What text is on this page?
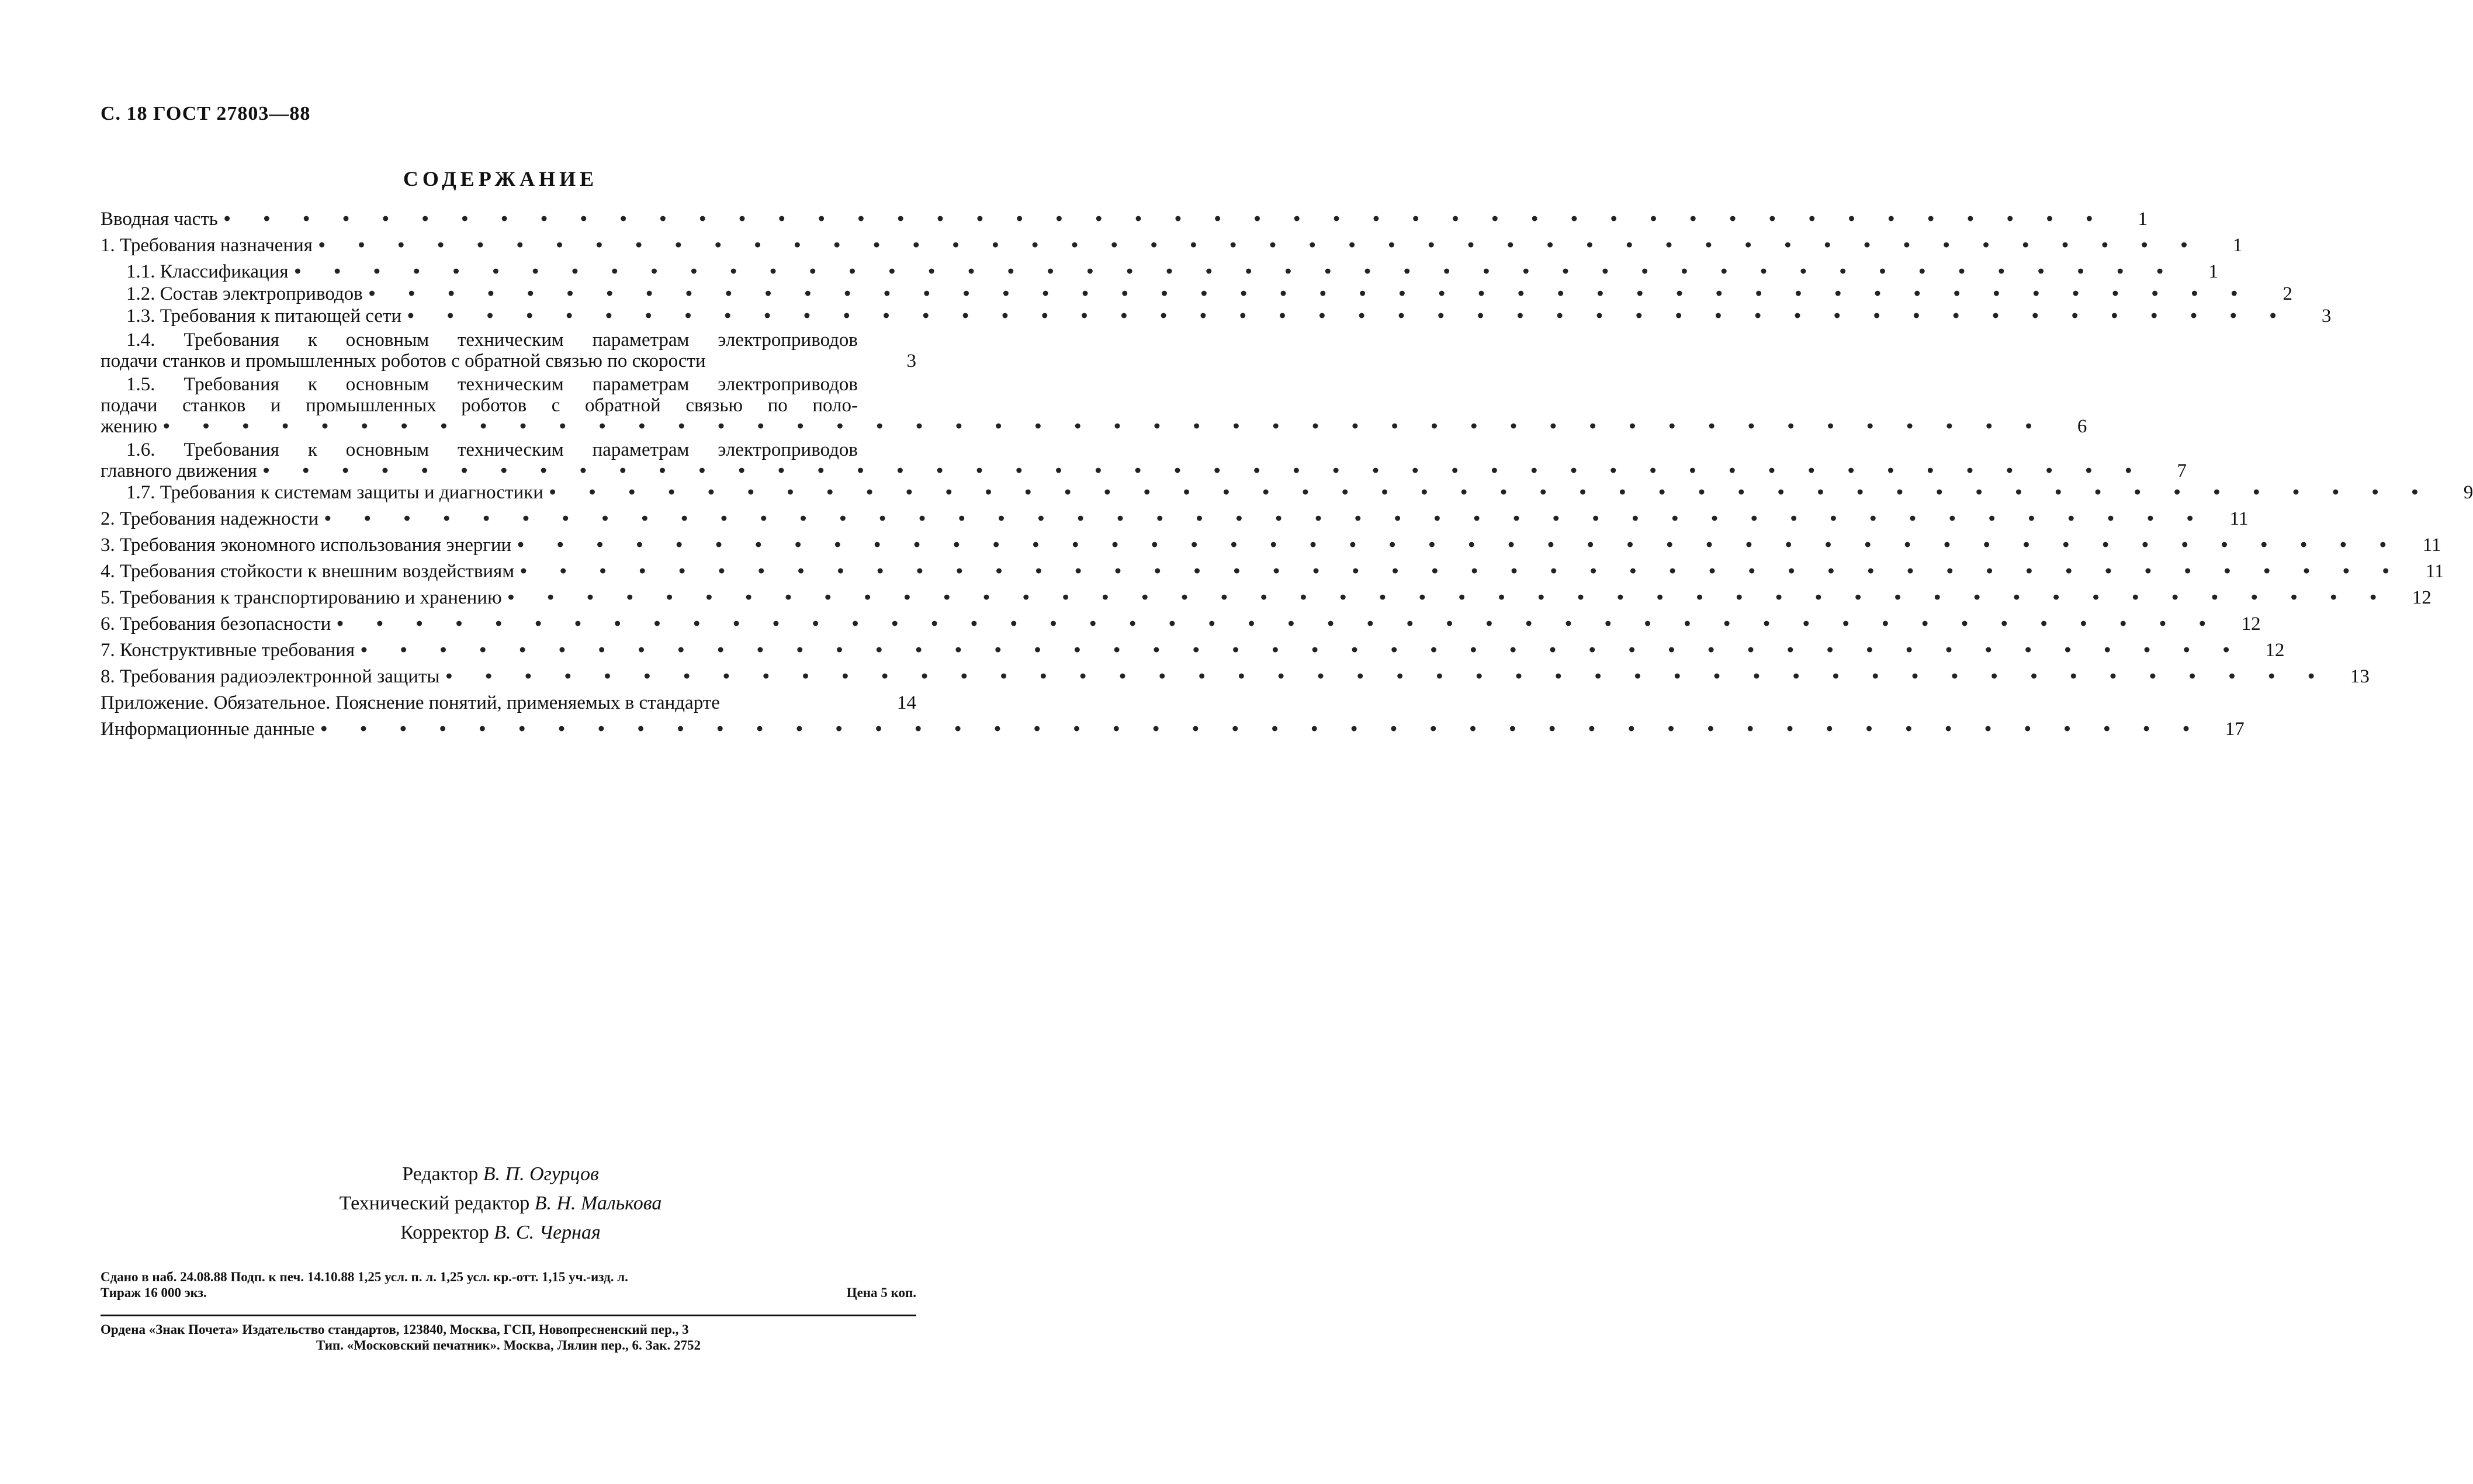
С. 18 ГОСТ 27803—88
СОДЕРЖАНИЕ
Вводная часть • • • • • • • • • • • • • • • • • • • • • • • • • • • • • • • • • • • • • • • • • • • • • • • •	1
1. Требования назначения • • • • • • • • • • • • • • • • • • • • • • • • • • • • • • • • • • • • • • • • • • • • • • • •	1
1.1. Классификация • • • • • • • • • • • • • • • • • • • • • • • • • • • • • • • • • • • • • • • • • • • • • • • •	1
1.2. Состав электроприводов • • • • • • • • • • • • • • • • • • • • • • • • • • • • • • • • • • • • • • • • • • • • • • • •	2
1.3. Требования к питающей сети • • • • • • • • • • • • • • • • • • • • • • • • • • • • • • • • • • • • • • • • • • • • • • • •	3
1.4. Требования к основным техническим параметрам электроприводов
подачи станков и промышленных роботов с обратной связью по скорости	3
1.5. Требования к основным техническим параметрам электроприводов
подачи станков и промышленных роботов с обратной связью по поло-
жению • • • • • • • • • • • • • • • • • • • • • • • • • • • • • • • • • • • • • • • • • • • • • • • •	6
1.6. Требования к основным техническим параметрам электроприводов
главного движения • • • • • • • • • • • • • • • • • • • • • • • • • • • • • • • • • • • • • • • • • • • • • • • •	7
1.7. Требования к системам защиты и диагностики • • • • • • • • • • • • • • • • • • • • • • • • • • • • • • • • • • • • • • • • • • • • • • • •	9
2. Требования надежности • • • • • • • • • • • • • • • • • • • • • • • • • • • • • • • • • • • • • • • • • • • • • • • •	11
3. Требования экономного использования энергии • • • • • • • • • • • • • • • • • • • • • • • • • • • • • • • • • • • • • • • • • • • • • • • •	11
4. Требования стойкости к внешним воздействиям • • • • • • • • • • • • • • • • • • • • • • • • • • • • • • • • • • • • • • • • • • • • • • • •	11
5. Требования к транспортированию и хранению • • • • • • • • • • • • • • • • • • • • • • • • • • • • • • • • • • • • • • • • • • • • • • • •	12
6. Требования безопасности • • • • • • • • • • • • • • • • • • • • • • • • • • • • • • • • • • • • • • • • • • • • • • • •	12
7. Конструктивные требования • • • • • • • • • • • • • • • • • • • • • • • • • • • • • • • • • • • • • • • • • • • • • • • •	12
8. Требования радиоэлектронной защиты • • • • • • • • • • • • • • • • • • • • • • • • • • • • • • • • • • • • • • • • • • • • • • • •	13
Приложение. Обязательное. Пояснение понятий, применяемых в стандарте	14
Информационные данные • • • • • • • • • • • • • • • • • • • • • • • • • • • • • • • • • • • • • • • • • • • • • • • •	17
Редактор В. П. Огурцов
Технический редактор В. Н. Малькова
Корректор В. С. Черная
Сдано в наб. 24.08.88 Подп. к печ. 14.10.88 1,25 усл. п. л. 1,25 усл. кр.-отт. 1,15 уч.-изд. л.
Тираж 16 000 экз.	Цена 5 коп.
Ордена «Знак Почета» Издательство стандартов, 123840, Москва, ГСП, Новопресненский пер., 3
Тип. «Московский печатник». Москва, Лялин пер., 6. Зак. 2752
